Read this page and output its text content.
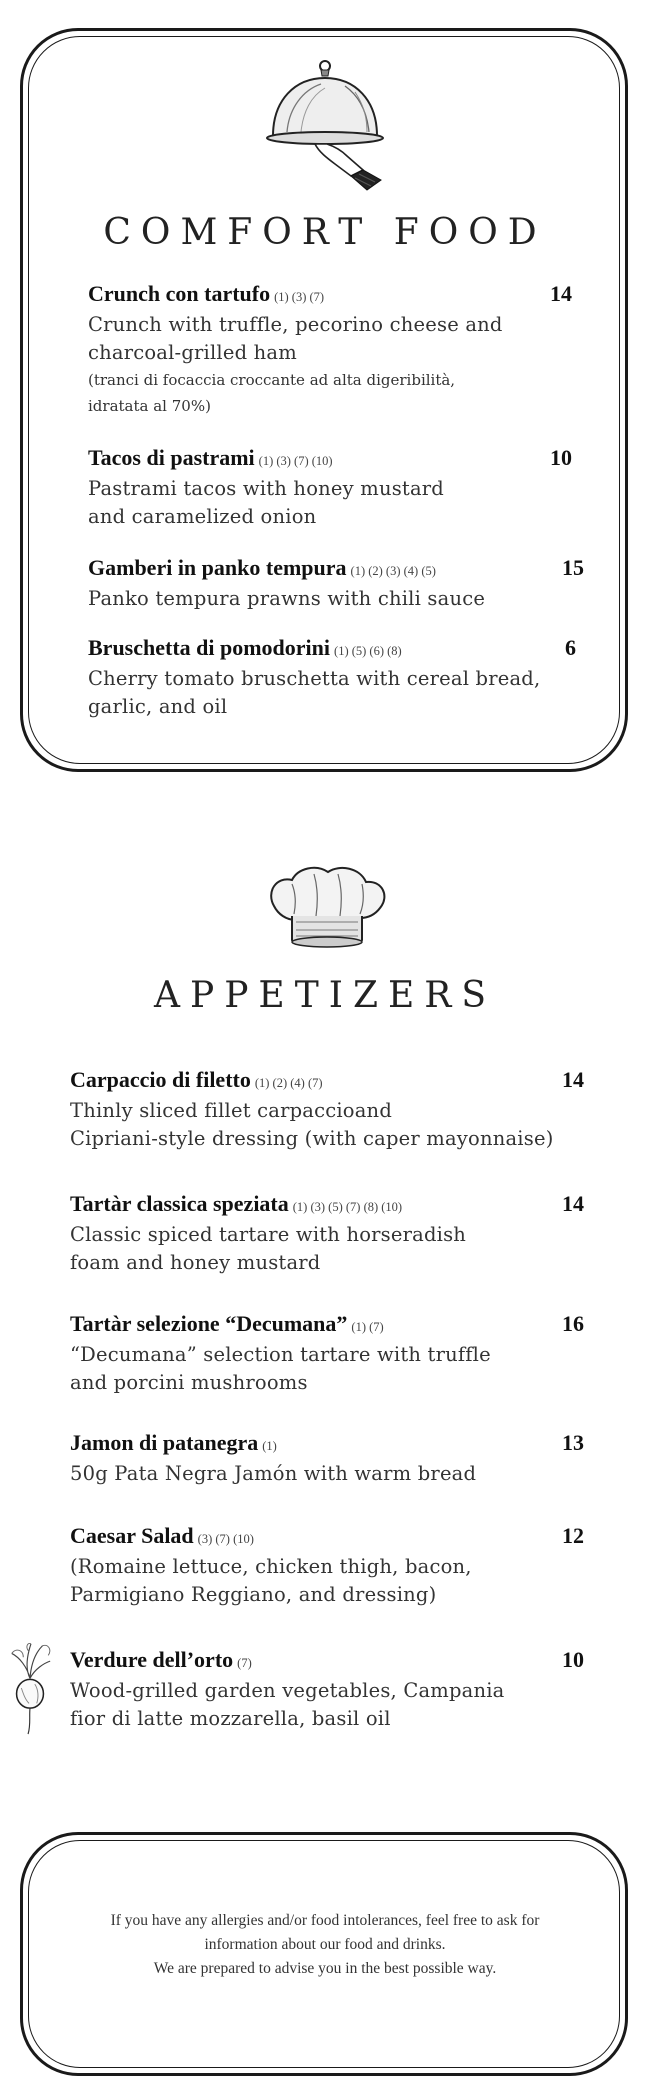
COMFORT FOOD
Crunch con tartufo (1) (3) (7)	14
Crunch with truffle, pecorino cheese and
charcoal-grilled ham
(tranci di focaccia croccante ad alta digeribilità,
idratata al 70%)
Tacos di pastrami (1) (3) (7) (10)	10
Pastrami tacos with honey mustard
and caramelized onion
Gamberi in panko tempura (1) (2) (3) (4) (5)	15
Panko tempura prawns with chili sauce
Bruschetta di pomodorini (1) (5) (6) (8)	6
Cherry tomato bruschetta with cereal bread,
garlic, and oil
APPETIZERS
Carpaccio di filetto (1) (2) (4) (7)	14
Thinly sliced fillet carpaccioand
Cipriani-style dressing (with caper mayonnaise)
Tartàr classica speziata (1) (3) (5) (7) (8) (10)	14
Classic spiced tartare with horseradish
foam and honey mustard
Tartàr selezione “Decumana” (1) (7)	16
“Decumana” selection tartare with truffle
and porcini mushrooms
Jamon di patanegra (1)	13
50g Pata Negra Jamón with warm bread
Caesar Salad (3) (7) (10)	12
(Romaine lettuce, chicken thigh, bacon,
Parmigiano Reggiano, and dressing)
Verdure dell’orto (7)	10
Wood-grilled garden vegetables, Campania
fior di latte mozzarella, basil oil
If you have any allergies and/or food intolerances, feel free to ask for
information about our food and drinks.
We are prepared to advise you in the best possible way.
